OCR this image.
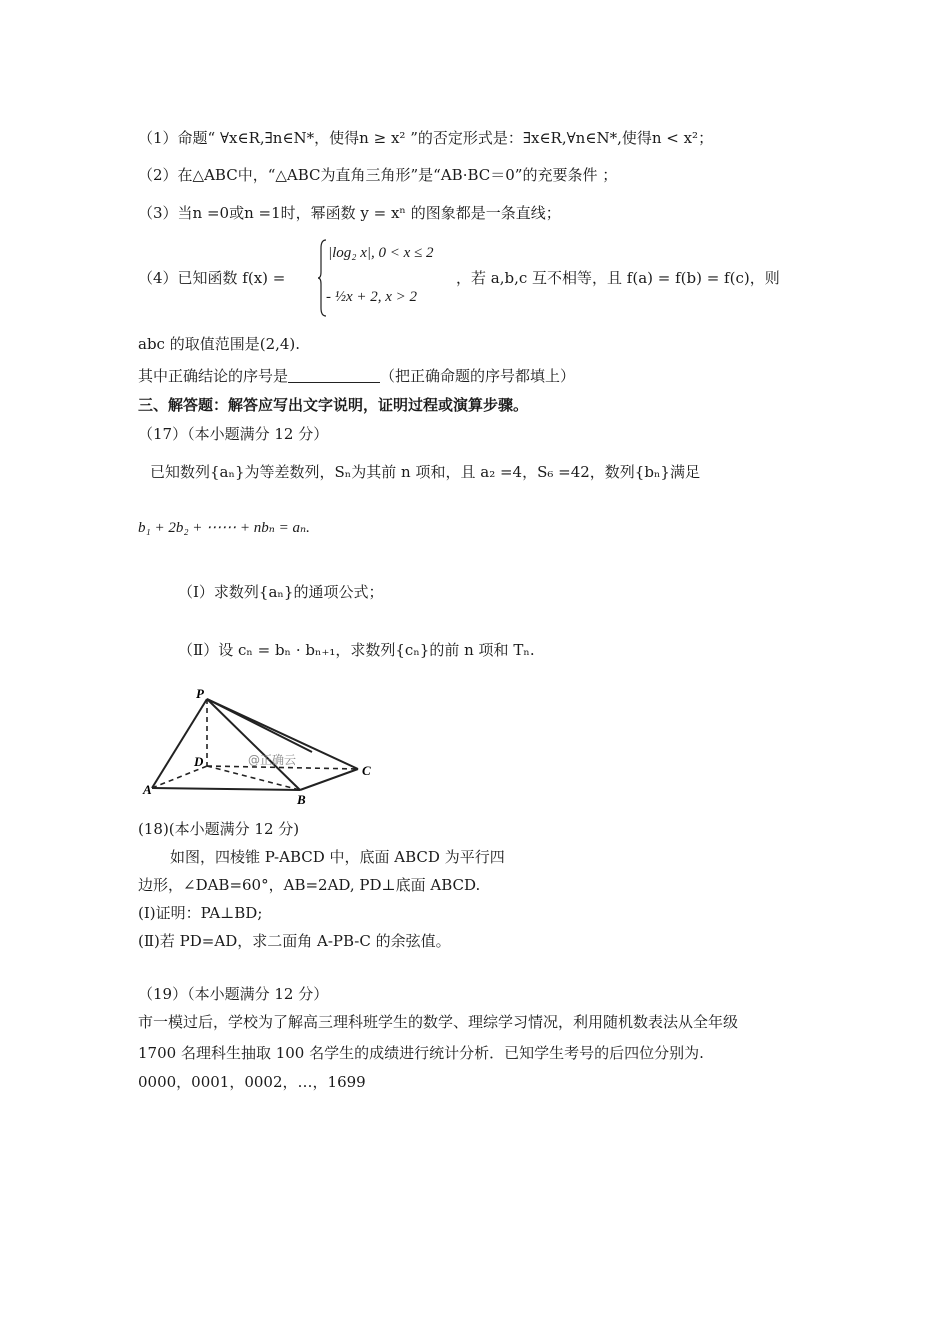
（1）命题“ ∀x∈R,∃n∈N*，使得n ≥ x² ”的否定形式是：∃x∈R,∀n∈N*,使得n < x²；
（2）在△ABC中，“△ABC为直角三角形”是“AB·BC＝0”的充要条件 ；
（3）当n =0或n =1时，幂函数 y = xⁿ 的图象都是一条直线；
（4）已知函数 f(x) =
|log₂ x|, 0 < x ≤ 2
- ½x + 2, x > 2
，若 a,b,c 互不相等，且 f(a) = f(b) = f(c)，则
abc 的取值范围是(2,4).
其中正确结论的序号是	（把正确命题的序号都填上）
三、解答题：解答应写出文字说明，证明过程或演算步骤。
（17）（本小题满分 12 分）
已知数列{aₙ}为等差数列，Sₙ为其前 n 项和，且 a₂ =4，S₆ =42，数列{bₙ}满足
b₁ + 2b₂ + ⋯⋯ + nbₙ = aₙ.
（Ⅰ）求数列{aₙ}的通项公式；
（Ⅱ）设 cₙ = bₙ · bₙ₊₁，求数列{cₙ}的前 n 项和 Tₙ.
P
D
A
B
C
@正确云
(18)(本小题满分 12 分)
如图，四棱锥 P-ABCD 中，底面 ABCD 为平行四
边形，∠DAB=60°，AB=2AD, PD⊥底面 ABCD.
(Ⅰ)证明：PA⊥BD;
(Ⅱ)若 PD=AD，求二面角 A-PB-C 的余弦值。
（19）（本小题满分 12 分）
市一模过后，学校为了解高三理科班学生的数学、理综学习情况，利用随机数表法从全年级
1700 名理科生抽取 100 名学生的成绩进行统计分析．已知学生考号的后四位分别为.
0000，0001，0002，…，1699
